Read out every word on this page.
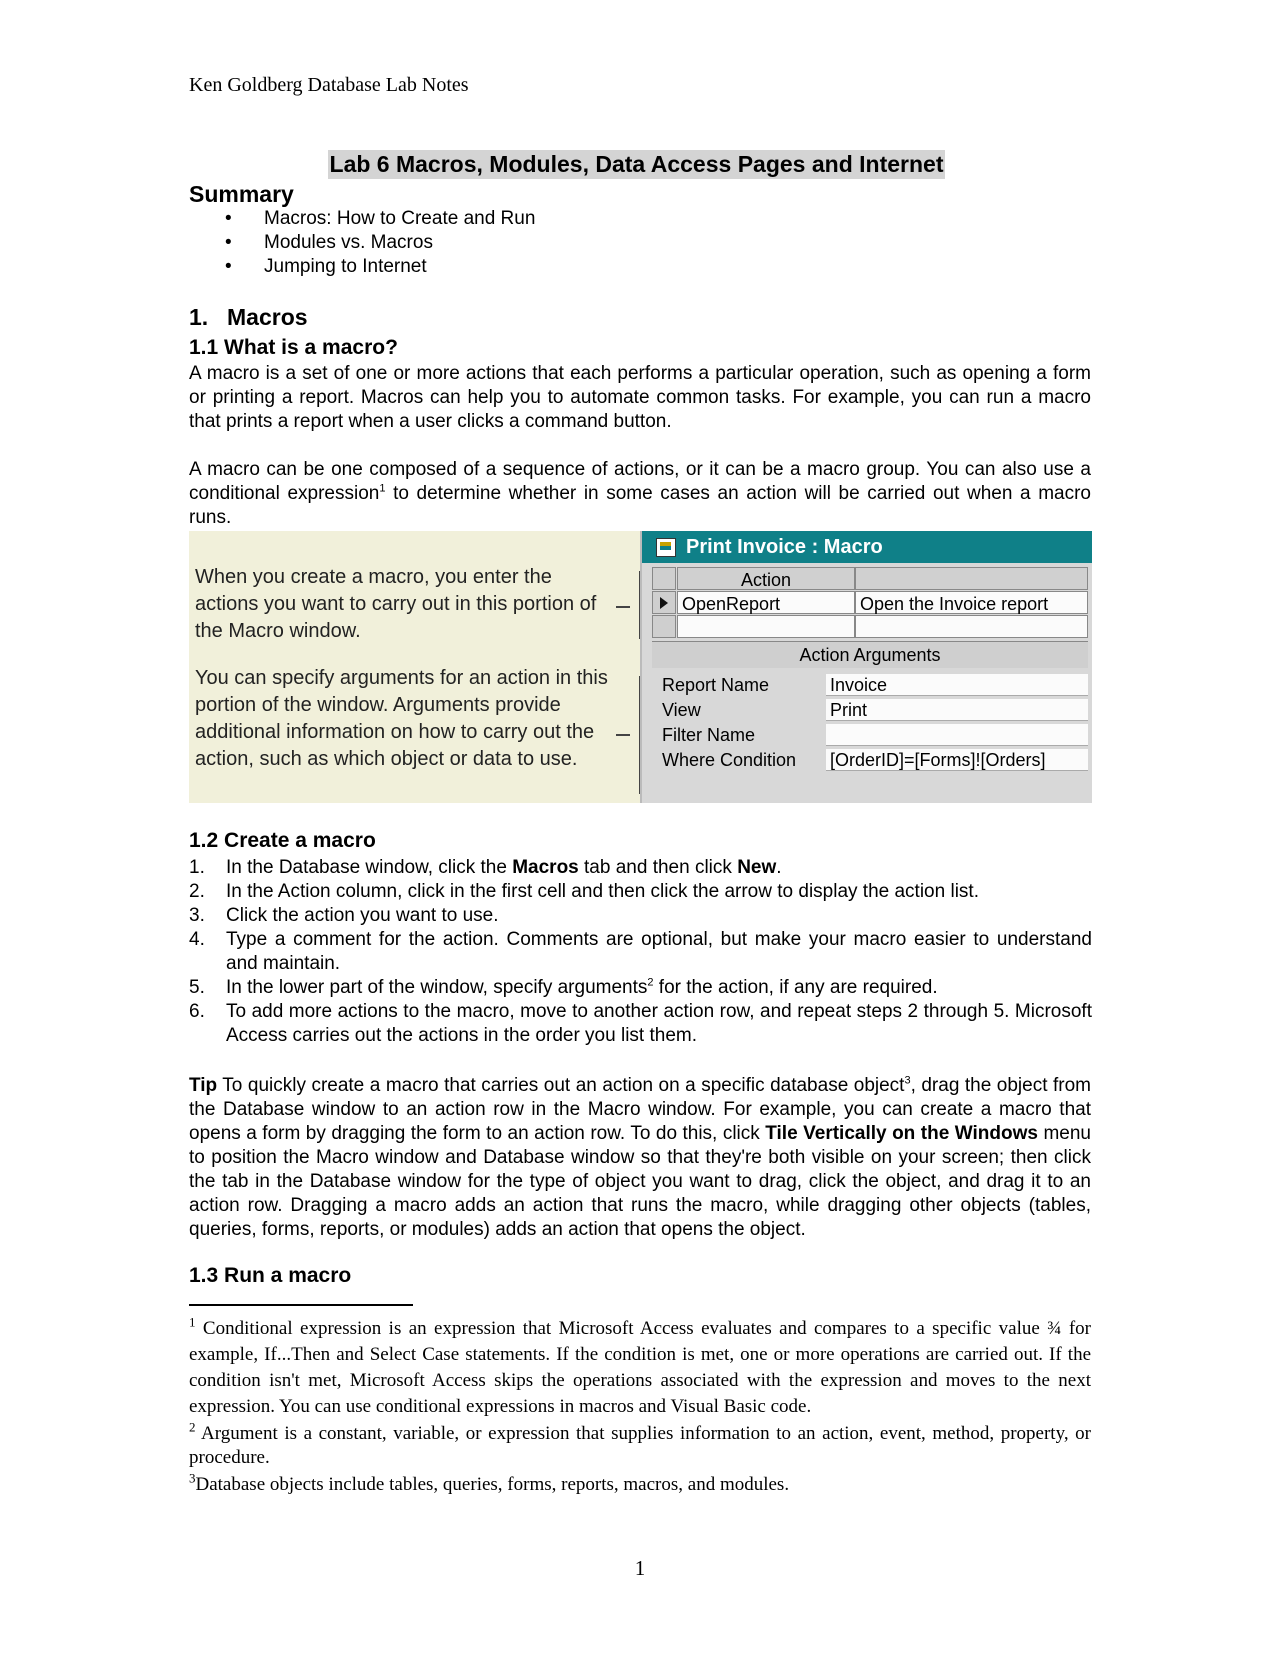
Ken Goldberg Database Lab Notes
Lab 6 Macros, Modules, Data Access Pages and Internet
Summary
• Macros: How to Create and Run
• Modules vs. Macros
• Jumping to Internet
1. Macros
1.1 What is a macro?

A macro is a set of one or more actions that each performs a particular operation, such as opening a form or printing a report. Macros can help you to automate common tasks. For example, you can run a macro that prints a report when a user clicks a command button.

A macro can be one composed of a sequence of actions, or it can be a macro group. You can also use a conditional expression$^1$ to determine whether in some cases an action will be carried out when a macro runs.

When you create a macro, you enter the actions you want to carry out in this portion of the Macro window.
You can specify arguments for an action in this portion of the window. Arguments provide additional information on how to carry out the action, such as which object or data to use.
Print Invoice : Macro
Action
OpenReport	Open the Invoice report
Action Arguments
Report Name	Invoice
View	Print
Filter Name
Where Condition [OrderID]=[Forms]![Orders]
1.2 Create a macro
1. In the Database window, click the Macros tab and then click New.
2. In the Action column, click in the first cell and then click the arrow to display the action list.
3. Click the action you want to use.
4. Type a comment for the action. Comments are optional, but make your macro easier to understand and maintain.
5. In the lower part of the window, specify arguments$^2$ for the action, if any are required.
6. To add more actions to the macro, move to another action row, and repeat steps 2 through 5. Microsoft Access carries out the actions in the order you list them.

Tip To quickly create a macro that carries out an action on a specific database object$^3$, drag the object from the Database window to an action row in the Macro window. For example, you can create a macro that opens a form by dragging the form to an action row. To do this, click Tile Vertically on the Windows menu to position the Macro window and Database window so that they're both visible on your screen; then click the tab in the Database window for the type of object you want to drag, click the object, and drag it to an action row. Dragging a macro adds an action that runs the macro, while dragging other objects (tables, queries, forms, reports, or modules) adds an action that opens the object.

1.3 Run a macro

$^1$ Conditional expression is an expression that Microsoft Access evaluates and compares to a specific value ¾ for example, If...Then and Select Case statements. If the condition is met, one or more operations are carried out. If the condition isn't met, Microsoft Access skips the operations associated with the expression and moves to the next expression. You can use conditional expressions in macros and Visual Basic code.

$^2$ Argument is a constant, variable, or expression that supplies information to an action, event, method, property, or procedure.

$^3$Database objects include tables, queries, forms, reports, macros, and modules.

1
